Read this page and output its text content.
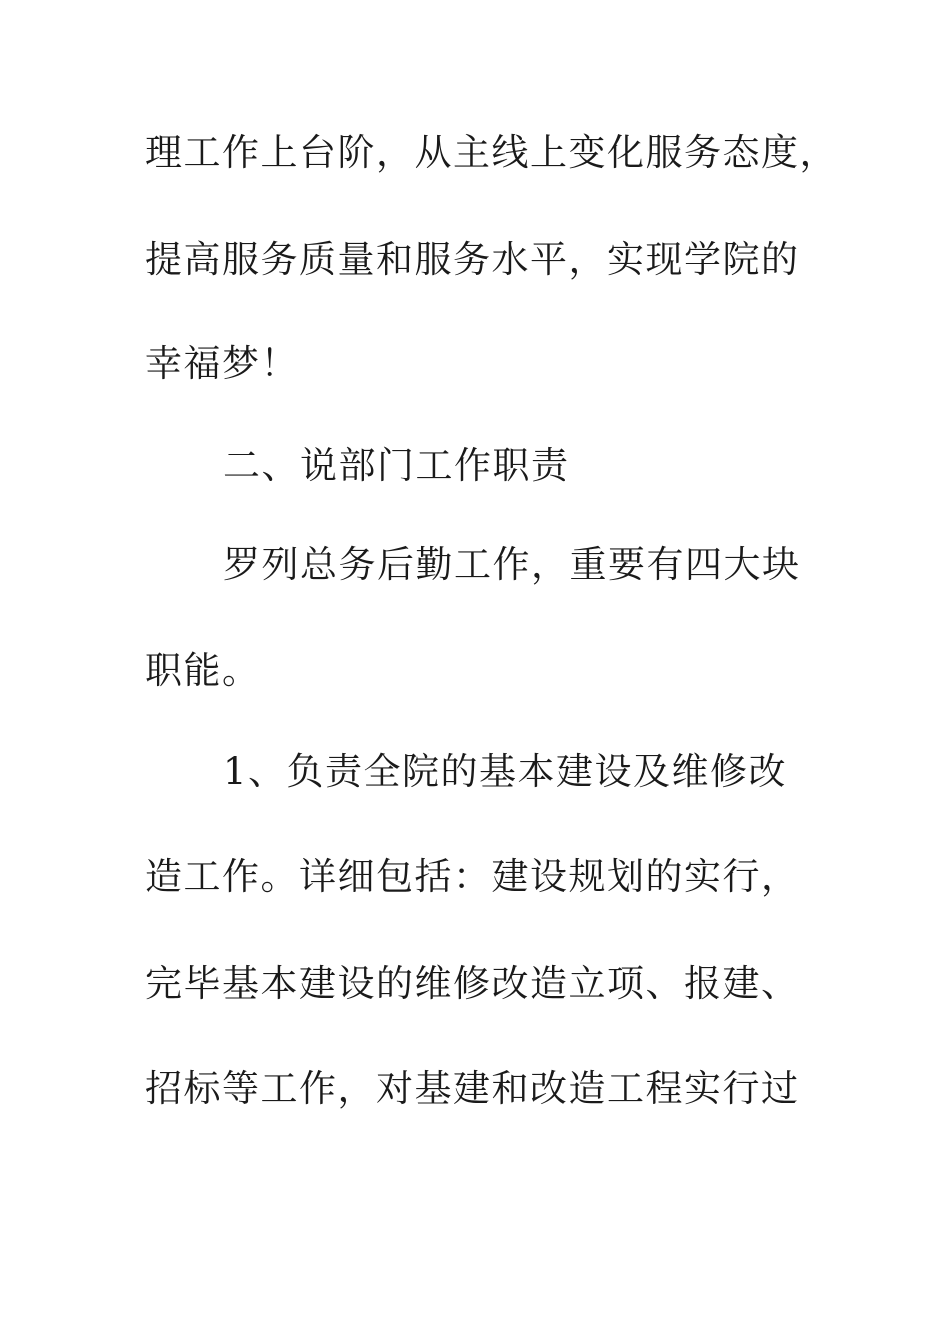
理工作上台阶，从主线上变化服务态度，
提高服务质量和服务水平，实现学院的
幸福梦！
二、说部门工作职责
罗列总务后勤工作，重要有四大块
职能。
1、负责全院的基本建设及维修改
造工作。详细包括：建设规划的实行，
完毕基本建设的维修改造立项、报建、
招标等工作，对基建和改造工程实行过
